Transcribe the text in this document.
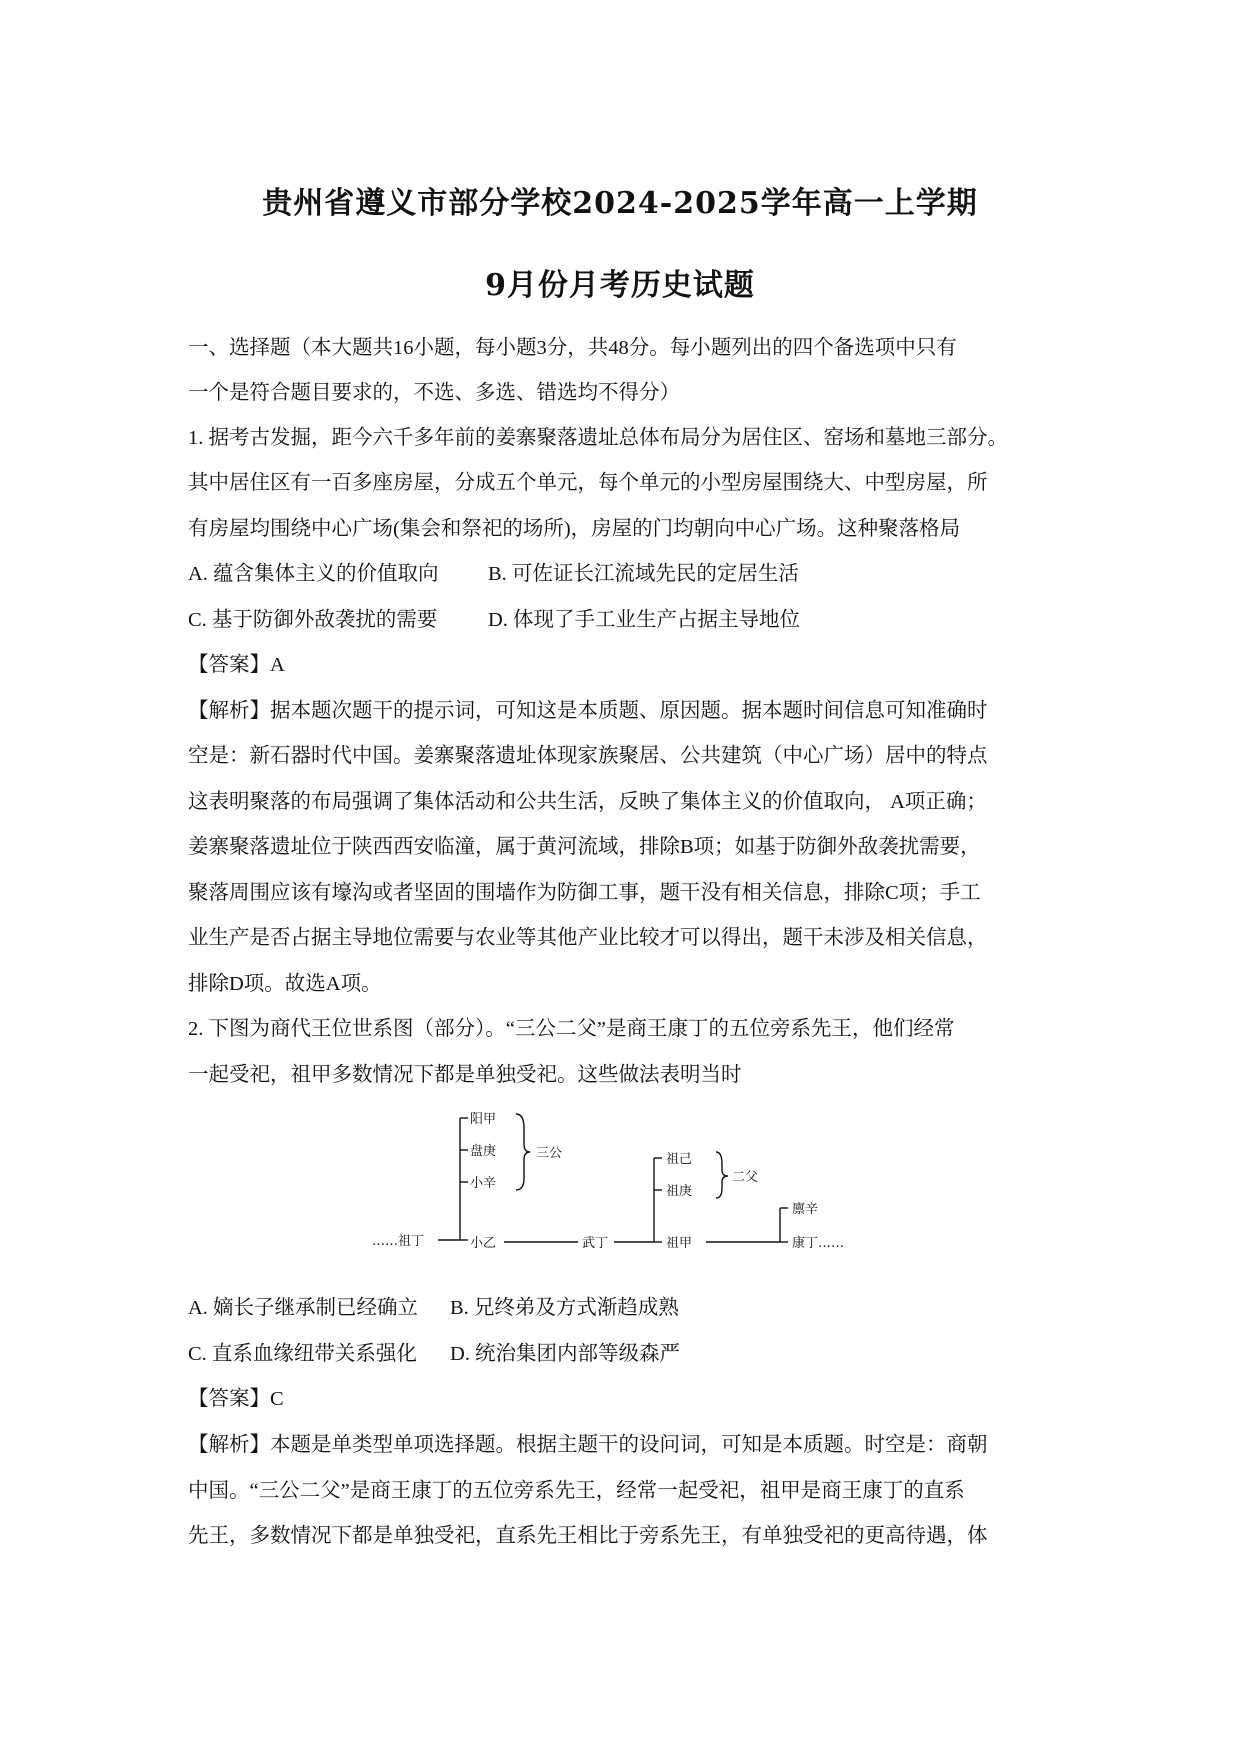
贵州省遵义市部分学校2024-2025学年高一上学期
9月份月考历史试题
一、选择题（本大题共16小题，每小题3分，共48分。每小题列出的四个备选项中只有
一个是符合题目要求的，不选、多选、错选均不得分）
1. 据考古发掘，距今六千多年前的姜寨聚落遗址总体布局分为居住区、窑场和墓地三部分。
其中居住区有一百多座房屋，分成五个单元，每个单元的小型房屋围绕大、中型房屋，所
有房屋均围绕中心广场(集会和祭祀的场所)，房屋的门均朝向中心广场。这种聚落格局
A. 蕴含集体主义的价值取向 B. 可佐证长江流域先民的定居生活
C. 基于防御外敌袭扰的需要 D. 体现了手工业生产占据主导地位
【答案】A
【解析】据本题次题干的提示词，可知这是本质题、原因题。据本题时间信息可知准确时
空是：新石器时代中国。姜寨聚落遗址体现家族聚居、公共建筑（中心广场）居中的特点
这表明聚落的布局强调了集体活动和公共生活，反映了集体主义的价值取向， A项正确；
姜寨聚落遗址位于陕西西安临潼，属于黄河流域，排除B项；如基于防御外敌袭扰需要，
聚落周围应该有壕沟或者坚固的围墙作为防御工事，题干没有相关信息，排除C项；手工
业生产是否占据主导地位需要与农业等其他产业比较才可以得出，题干未涉及相关信息，
排除D项。故选A项。
2. 下图为商代王位世系图（部分）。“三公二父”是商王康丁的五位旁系先王，他们经常
一起受祀，祖甲多数情况下都是单独受祀。这些做法表明当时
……祖丁
阳甲
盘庚
小辛
小乙
三公
武丁
祖己
祖庚
祖甲
二父
廪辛
康丁……
A. 嫡长子继承制已经确立 B. 兄终弟及方式渐趋成熟
C. 直系血缘纽带关系强化 D. 统治集团内部等级森严
【答案】C
【解析】本题是单类型单项选择题。根据主题干的设问词，可知是本质题。时空是：商朝
中国。“三公二父”是商王康丁的五位旁系先王，经常一起受祀，祖甲是商王康丁的直系
先王，多数情况下都是单独受祀，直系先王相比于旁系先王，有单独受祀的更高待遇，体
